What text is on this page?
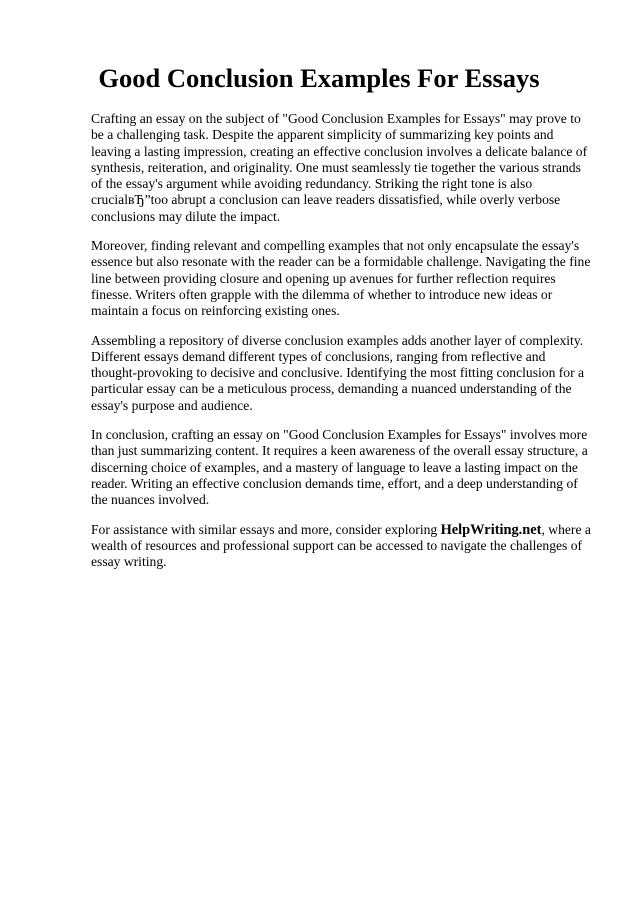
Good Conclusion Examples For Essays

Crafting an essay on the subject of "Good Conclusion Examples for Essays" may prove to be a challenging task. Despite the apparent simplicity of summarizing key points and leaving a lasting impression, creating an effective conclusion involves a delicate balance of synthesis, reiteration, and originality. One must seamlessly tie together the various strands of the essay's argument while avoiding redundancy. Striking the right tone is also crucialвЂ”too abrupt a conclusion can leave readers dissatisfied, while overly verbose conclusions may dilute the impact.

Moreover, finding relevant and compelling examples that not only encapsulate the essay's essence but also resonate with the reader can be a formidable challenge. Navigating the fine line between providing closure and opening up avenues for further reflection requires finesse. Writers often grapple with the dilemma of whether to introduce new ideas or maintain a focus on reinforcing existing ones.

Assembling a repository of diverse conclusion examples adds another layer of complexity. Different essays demand different types of conclusions, ranging from reflective and thought-provoking to decisive and conclusive. Identifying the most fitting conclusion for a particular essay can be a meticulous process, demanding a nuanced understanding of the essay's purpose and audience.

In conclusion, crafting an essay on "Good Conclusion Examples for Essays" involves more than just summarizing content. It requires a keen awareness of the overall essay structure, a discerning choice of examples, and a mastery of language to leave a lasting impact on the reader. Writing an effective conclusion demands time, effort, and a deep understanding of the nuances involved.

For assistance with similar essays and more, consider exploring HelpWriting.net, where a wealth of resources and professional support can be accessed to navigate the challenges of essay writing.
